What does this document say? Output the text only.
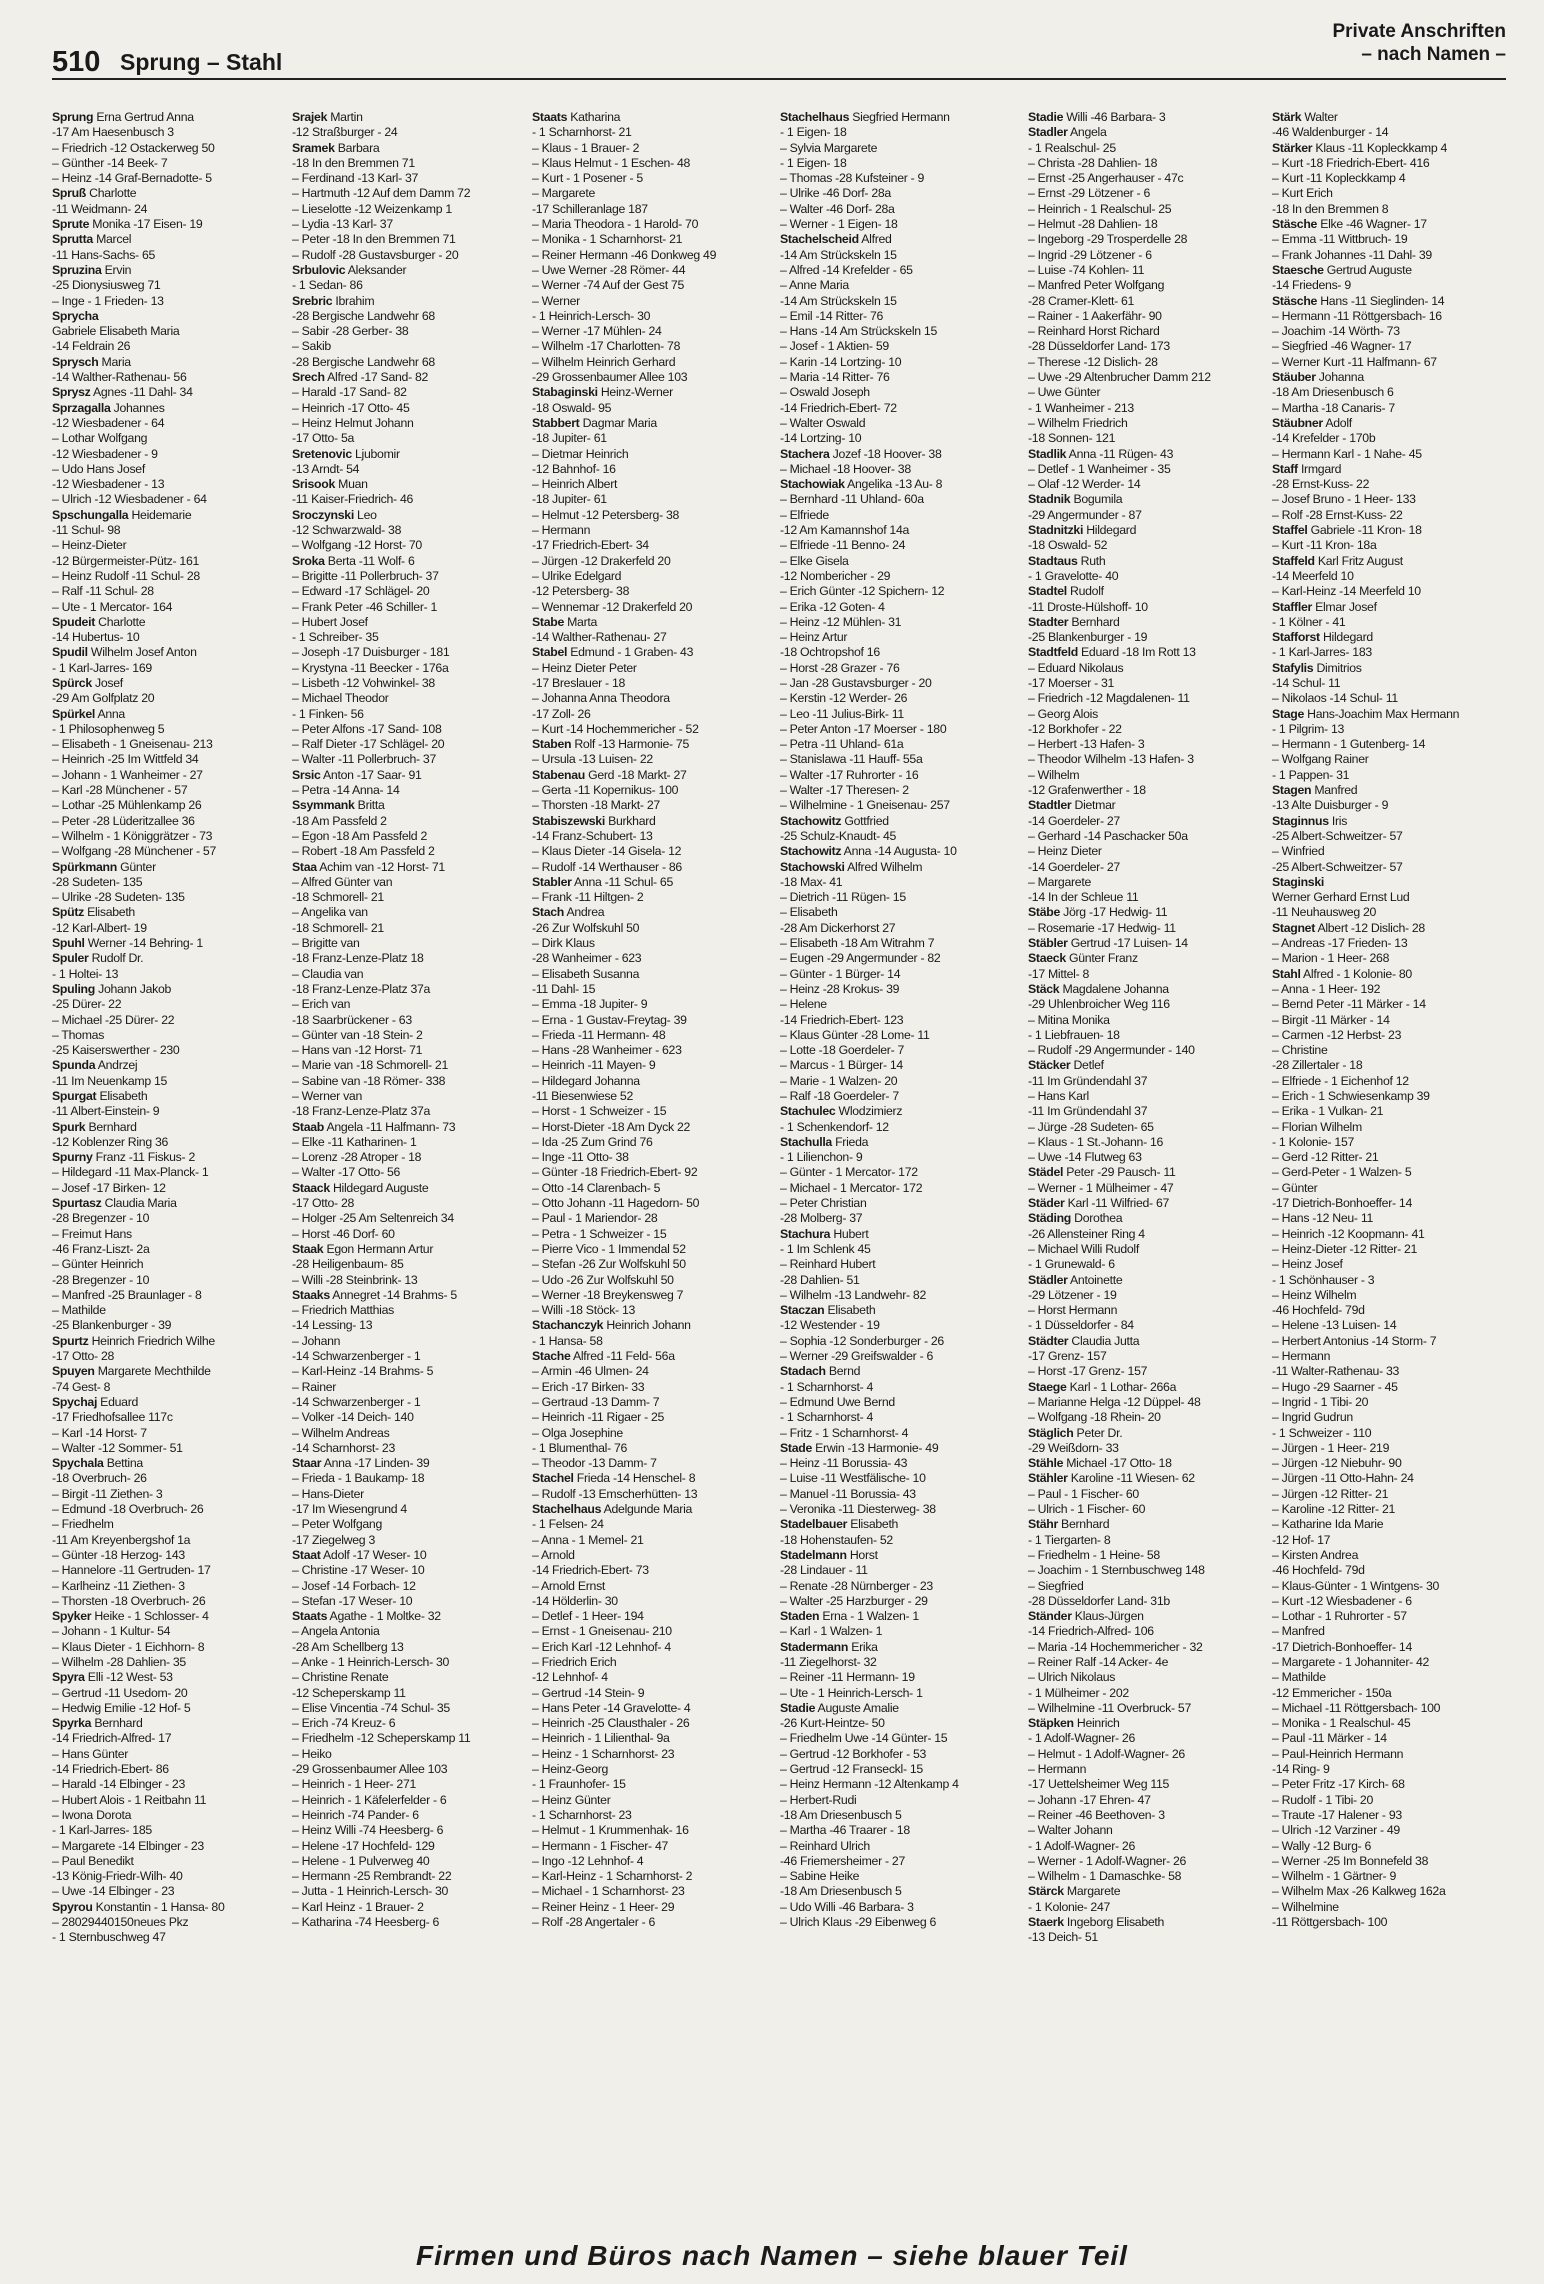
510 Sprung – Stahl
Private Anschriften
– nach Namen –
Sprung Erna Gertrud Anna
-17 Am Haesenbusch 3
– Friedrich -12 Ostackerweg 50
– Günther -14 Beek- 7
– Heinz -14 Graf-Bernadotte- 5
Spruß Charlotte
-11 Weidmann- 24
Sprute Monika -17 Eisen- 19
Sprutta Marcel
-11 Hans-Sachs- 65
Spruzina Ervin
-25 Dionysiusweg 71
– Inge - 1 Frieden- 13
Sprycha
Gabriele Elisabeth Maria
-14 Feldrain 26
Sprysch Maria
-14 Walther-Rathenau- 56
Sprysz Agnes -11 Dahl- 34
Sprzagalla Johannes
-12 Wiesbadener - 64
– Lothar Wolfgang
-12 Wiesbadener - 9
– Udo Hans Josef
-12 Wiesbadener - 13
– Ulrich -12 Wiesbadener - 64
Spschungalla Heidemarie
-11 Schul- 98
– Heinz-Dieter
-12 Bürgermeister-Pütz- 161
– Heinz Rudolf -11 Schul- 28
– Ralf -11 Schul- 28
– Ute - 1 Mercator- 164
Spudeit Charlotte
-14 Hubertus- 10
Spudil Wilhelm Josef Anton
- 1 Karl-Jarres- 169
Spürck Josef
-29 Am Golfplatz 20
Spürkel Anna
- 1 Philosophenweg 5
– Elisabeth - 1 Gneisenau- 213
– Heinrich -25 Im Wittfeld 34
– Johann - 1 Wanheimer - 27
– Karl -28 Münchener - 57
– Lothar -25 Mühlenkamp 26
– Peter -28 Lüderitzallee 36
– Wilhelm - 1 Königgrätzer - 73
– Wolfgang -28 Münchener - 57
Spürkmann Günter
-28 Sudeten- 135
– Ulrike -28 Sudeten- 135
Spütz Elisabeth
-12 Karl-Albert- 19
Spuhl Werner -14 Behring- 1
Spuler Rudolf Dr.
- 1 Holtei- 13
Spuling Johann Jakob
-25 Dürer- 22
– Michael -25 Dürer- 22
– Thomas
-25 Kaiserswerther - 230
Spunda Andrzej
-11 Im Neuenkamp 15
Spurgat Elisabeth
-11 Albert-Einstein- 9
Spurk Bernhard
-12 Koblenzer Ring 36
Spurny Franz -11 Fiskus- 2
– Hildegard -11 Max-Planck- 1
– Josef -17 Birken- 12
Spurtasz Claudia Maria
-28 Bregenzer - 10
– Freimut Hans
-46 Franz-Liszt- 2a
– Günter Heinrich
-28 Bregenzer - 10
– Manfred -25 Braunlager - 8
– Mathilde
-25 Blankenburger - 39
Spurtz Heinrich Friedrich Wilhe
-17 Otto- 28
Spuyen Margarete Mechthilde
-74 Gest- 8
Spychaj Eduard
-17 Friedhofsallee 117c
– Karl -14 Horst- 7
– Walter -12 Sommer- 51
Spychala Bettina
-18 Overbruch- 26
– Birgit -11 Ziethen- 3
– Edmund -18 Overbruch- 26
– Friedhelm
-11 Am Kreyenbergshof 1a
– Günter -18 Herzog- 143
– Hannelore -11 Gertruden- 17
– Karlheinz -11 Ziethen- 3
– Thorsten -18 Overbruch- 26
Spyker Heike - 1 Schlosser- 4
– Johann - 1 Kultur- 54
– Klaus Dieter - 1 Eichhorn- 8
– Wilhelm -28 Dahlien- 35
Spyra Elli -12 West- 53
– Gertrud -11 Usedom- 20
– Hedwig Emilie -12 Hof- 5
Spyrka Bernhard
-14 Friedrich-Alfred- 17
– Hans Günter
-14 Friedrich-Ebert- 86
– Harald -14 Elbinger - 23
– Hubert Alois - 1 Reitbahn 11
– Iwona Dorota
- 1 Karl-Jarres- 185
– Margarete -14 Elbinger - 23
– Paul Benedikt
-13 König-Friedr-Wilh- 40
– Uwe -14 Elbinger - 23
Spyrou Konstantin - 1 Hansa- 80
– 28029440150neues Pkz
- 1 Sternbuschweg 47
Srajek Martin
-12 Straßburger - 24
Sramek Barbara
-18 In den Bremmen 71
– Ferdinand -13 Karl- 37
– Hartmuth -12 Auf dem Damm 72
– Lieselotte -12 Weizenkamp 1
– Lydia -13 Karl- 37
– Peter -18 In den Bremmen 71
– Rudolf -28 Gustavsburger - 20
Srbulovic Aleksander
- 1 Sedan- 86
Srebric Ibrahim
-28 Bergische Landwehr 68
– Sabir -28 Gerber- 38
– Sakib
-28 Bergische Landwehr 68
Srech Alfred -17 Sand- 82
– Harald -17 Sand- 82
– Heinrich -17 Otto- 45
– Heinz Helmut Johann
-17 Otto- 5a
Sretenovic Ljubomir
-13 Arndt- 54
Srisook Muan
-11 Kaiser-Friedrich- 46
Sroczynski Leo
-12 Schwarzwald- 38
– Wolfgang -12 Horst- 70
Sroka Berta -11 Wolf- 6
– Brigitte -11 Pollerbruch- 37
– Edward -17 Schlägel- 20
– Frank Peter -46 Schiller- 1
– Hubert Josef
- 1 Schreiber- 35
– Joseph -17 Duisburger - 181
– Krystyna -11 Beecker - 176a
– Lisbeth -12 Vohwinkel- 38
– Michael Theodor
- 1 Finken- 56
– Peter Alfons -17 Sand- 108
– Ralf Dieter -17 Schlägel- 20
– Walter -11 Pollerbruch- 37
Srsic Anton -17 Saar- 91
– Petra -14 Anna- 14
Ssymmank Britta
-18 Am Passfeld 2
– Egon -18 Am Passfeld 2
– Robert -18 Am Passfeld 2
Staa Achim van -12 Horst- 71
– Alfred Günter van
-18 Schmorell- 21
– Angelika van
-18 Schmorell- 21
– Brigitte van
-18 Franz-Lenze-Platz 18
– Claudia van
-18 Franz-Lenze-Platz 37a
– Erich van
-18 Saarbrückener - 63
– Günter van -18 Stein- 2
– Hans van -12 Horst- 71
– Marie van -18 Schmorell- 21
– Sabine van -18 Römer- 338
– Werner van
-18 Franz-Lenze-Platz 37a
Staab Angela -11 Halfmann- 73
– Elke -11 Katharinen- 1
– Lorenz -28 Atroper - 18
– Walter -17 Otto- 56
Staack Hildegard Auguste
-17 Otto- 28
– Holger -25 Am Seltenreich 34
– Horst -46 Dorf- 60
Staak Egon Hermann Artur
-28 Heiligenbaum- 85
– Willi -28 Steinbrink- 13
Staaks Annegret -14 Brahms- 5
– Friedrich Matthias
-14 Lessing- 13
– Johann
-14 Schwarzenberger - 1
– Karl-Heinz -14 Brahms- 5
– Rainer
-14 Schwarzenberger - 1
– Volker -14 Deich- 140
– Wilhelm Andreas
-14 Scharnhorst- 23
Staar Anna -17 Linden- 39
– Frieda - 1 Baukamp- 18
– Hans-Dieter
-17 Im Wiesengrund 4
– Peter Wolfgang
-17 Ziegelweg 3
Staat Adolf -17 Weser- 10
– Christine -17 Weser- 10
– Josef -14 Forbach- 12
– Stefan -17 Weser- 10
Staats Agathe - 1 Moltke- 32
– Angela Antonia
-28 Am Schellberg 13
– Anke - 1 Heinrich-Lersch- 30
– Christine Renate
-12 Scheperskamp 11
– Elise Vincentia -74 Schul- 35
– Erich -74 Kreuz- 6
– Friedhelm -12 Scheperskamp 11
– Heiko
-29 Grossenbaumer Allee 103
– Heinrich - 1 Heer- 271
– Heinrich - 1 Käfelerfelder - 6
– Heinrich -74 Pander- 6
– Heinz Willi -74 Heesberg- 6
– Helene -17 Hochfeld- 129
– Helene - 1 Pulverweg 40
– Hermann -25 Rembrandt- 22
– Jutta - 1 Heinrich-Lersch- 30
– Karl Heinz - 1 Brauer- 2
– Katharina -74 Heesberg- 6
Staats Katharina
- 1 Scharnhorst- 21
– Klaus - 1 Brauer- 2
– Klaus Helmut - 1 Eschen- 48
– Kurt - 1 Posener - 5
– Margarete
-17 Schilleranlage 187
– Maria Theodora - 1 Harold- 70
– Monika - 1 Scharnhorst- 21
– Reiner Hermann -46 Donkweg 49
– Uwe Werner -28 Römer- 44
– Werner -74 Auf der Gest 75
– Werner
- 1 Heinrich-Lersch- 30
– Werner -17 Mühlen- 24
– Wilhelm -17 Charlotten- 78
– Wilhelm Heinrich Gerhard
-29 Grossenbaumer Allee 103
Stabaginski Heinz-Werner
-18 Oswald- 95
Stabbert Dagmar Maria
-18 Jupiter- 61
– Dietmar Heinrich
-12 Bahnhof- 16
– Heinrich Albert
-18 Jupiter- 61
– Helmut -12 Petersberg- 38
– Hermann
-17 Friedrich-Ebert- 34
– Jürgen -12 Drakerfeld 20
– Ulrike Edelgard
-12 Petersberg- 38
– Wennemar -12 Drakerfeld 20
Stabe Marta
-14 Walther-Rathenau- 27
Stabel Edmund - 1 Graben- 43
– Heinz Dieter Peter
-17 Breslauer - 18
– Johanna Anna Theodora
-17 Zoll- 26
– Kurt -14 Hochemmericher - 52
Staben Rolf -13 Harmonie- 75
– Ursula -13 Luisen- 22
Stabenau Gerd -18 Markt- 27
– Gerta -11 Kopernikus- 100
– Thorsten -18 Markt- 27
Stabiszewski Burkhard
-14 Franz-Schubert- 13
– Klaus Dieter -14 Gisela- 12
– Rudolf -14 Werthauser - 86
Stabler Anna -11 Schul- 65
– Frank -11 Hiltgen- 2
Stach Andrea
-26 Zur Wolfskuhl 50
– Dirk Klaus
-28 Wanheimer - 623
– Elisabeth Susanna
-11 Dahl- 15
– Emma -18 Jupiter- 9
– Erna - 1 Gustav-Freytag- 39
– Frieda -11 Hermann- 48
– Hans -28 Wanheimer - 623
– Heinrich -11 Mayen- 9
– Hildegard Johanna
-11 Biesenwiese 52
– Horst - 1 Schweizer - 15
– Horst-Dieter -18 Am Dyck 22
– Ida -25 Zum Grind 76
– Inge -11 Otto- 38
– Günter -18 Friedrich-Ebert- 92
– Otto -14 Clarenbach- 5
– Otto Johann -11 Hagedorn- 50
– Paul - 1 Mariendor- 28
– Petra - 1 Schweizer - 15
– Pierre Vico - 1 Immendal 52
– Stefan -26 Zur Wolfskuhl 50
– Udo -26 Zur Wolfskuhl 50
– Werner -18 Breykensweg 7
– Willi -18 Stöck- 13
Stachanczyk Heinrich Johann
- 1 Hansa- 58
Stache Alfred -11 Feld- 56a
– Armin -46 Ulmen- 24
– Erich -17 Birken- 33
– Gertraud -13 Damm- 7
– Heinrich -11 Rigaer - 25
– Olga Josephine
- 1 Blumenthal- 76
– Theodor -13 Damm- 7
Stachel Frieda -14 Henschel- 8
– Rudolf -13 Emscherhütten- 13
Stachelhaus Adelgunde Maria
- 1 Felsen- 24
– Anna - 1 Memel- 21
– Arnold
-14 Friedrich-Ebert- 73
– Arnold Ernst
-14 Hölderlin- 30
– Detlef - 1 Heer- 194
– Ernst - 1 Gneisenau- 210
– Erich Karl -12 Lehnhof- 4
– Friedrich Erich
-12 Lehnhof- 4
– Gertrud -14 Stein- 9
– Hans Peter -14 Gravelotte- 4
– Heinrich -25 Clausthaler - 26
– Heinrich - 1 Lilienthal- 9a
– Heinz - 1 Scharnhorst- 23
– Heinz-Georg
- 1 Fraunhofer- 15
– Heinz Günter
- 1 Scharnhorst- 23
– Helmut - 1 Krummenhak- 16
– Hermann - 1 Fischer- 47
– Ingo -12 Lehnhof- 4
– Karl-Heinz - 1 Scharnhorst- 2
– Michael - 1 Scharnhorst- 23
– Reiner Heinz - 1 Heer- 29
– Rolf -28 Angertaler - 6
Stachelhaus Siegfried Hermann
- 1 Eigen- 18
– Sylvia Margarete
- 1 Eigen- 18
– Thomas -28 Kufsteiner - 9
– Ulrike -46 Dorf- 28a
– Walter -46 Dorf- 28a
– Werner - 1 Eigen- 18
Stachelscheid Alfred
-14 Am Strückskeln 15
– Alfred -14 Krefelder - 65
– Anne Maria
-14 Am Strückskeln 15
– Emil -14 Ritter- 76
– Hans -14 Am Strückskeln 15
– Josef - 1 Aktien- 59
– Karin -14 Lortzing- 10
– Maria -14 Ritter- 76
– Oswald Joseph
-14 Friedrich-Ebert- 72
– Walter Oswald
-14 Lortzing- 10
Stachera Jozef -18 Hoover- 38
– Michael -18 Hoover- 38
Stachowiak Angelika -13 Au- 8
– Bernhard -11 Uhland- 60a
– Elfriede
-12 Am Kamannshof 14a
– Elfriede -11 Benno- 24
– Elke Gisela
-12 Nombericher - 29
– Erich Günter -12 Spichern- 12
– Erika -12 Goten- 4
– Heinz -12 Mühlen- 31
– Heinz Artur
-18 Ochtropshof 16
– Horst -28 Grazer - 76
– Jan -28 Gustavsburger - 20
– Kerstin -12 Werder- 26
– Leo -11 Julius-Birk- 11
– Peter Anton -17 Moerser - 180
– Petra -11 Uhland- 61a
– Stanislawa -11 Hauff- 55a
– Walter -17 Ruhrorter - 16
– Walter -17 Theresen- 2
– Wilhelmine - 1 Gneisenau- 257
Stachowitz Gottfried
-25 Schulz-Knaudt- 45
Stachowitz Anna -14 Augusta- 10
Stachowski Alfred Wilhelm
-18 Max- 41
– Dietrich -11 Rügen- 15
– Elisabeth
-28 Am Dickerhorst 27
– Elisabeth -18 Am Witrahm 7
– Eugen -29 Angermunder - 82
– Günter - 1 Bürger- 14
– Heinz -28 Krokus- 39
– Helene
-14 Friedrich-Ebert- 123
– Klaus Günter -28 Lome- 11
– Lotte -18 Goerdeler- 7
– Marcus - 1 Bürger- 14
– Marie - 1 Walzen- 20
– Ralf -18 Goerdeler- 7
Stachulec Wlodzimierz
- 1 Schenkendorf- 12
Stachulla Frieda
- 1 Lilienchon- 9
– Günter - 1 Mercator- 172
– Michael - 1 Mercator- 172
– Peter Christian
-28 Molberg- 37
Stachura Hubert
- 1 Im Schlenk 45
– Reinhard Hubert
-28 Dahlien- 51
– Wilhelm -13 Landwehr- 82
Staczan Elisabeth
-12 Westender - 19
– Sophia -12 Sonderburger - 26
– Werner -29 Greifswalder - 6
Stadach Bernd
- 1 Scharnhorst- 4
– Edmund Uwe Bernd
- 1 Scharnhorst- 4
– Fritz - 1 Scharnhorst- 4
Stade Erwin -13 Harmonie- 49
– Heinz -11 Borussia- 43
– Luise -11 Westfälische- 10
– Manuel -11 Borussia- 43
– Veronika -11 Diesterweg- 38
Stadelbauer Elisabeth
-18 Hohenstaufen- 52
Stadelmann Horst
-28 Lindauer - 11
– Renate -28 Nürnberger - 23
– Walter -25 Harzburger - 29
Staden Erna - 1 Walzen- 1
– Karl - 1 Walzen- 1
Stadermann Erika
-11 Ziegelhorst- 32
– Reiner -11 Hermann- 19
– Ute - 1 Heinrich-Lersch- 1
Stadie Auguste Amalie
-26 Kurt-Heintze- 50
– Friedhelm Uwe -14 Günter- 15
– Gertrud -12 Borkhofer - 53
– Gertrud -12 Franseckl- 15
– Heinz Hermann -12 Altenkamp 4
– Herbert-Rudi
-18 Am Driesenbusch 5
– Martha -46 Traarer - 18
– Reinhard Ulrich
-46 Friemersheimer - 27
– Sabine Heike
-18 Am Driesenbusch 5
– Udo Willi -46 Barbara- 3
– Ulrich Klaus -29 Eibenweg 6
Stadie Willi -46 Barbara- 3
Stadler Angela
- 1 Realschul- 25
– Christa -28 Dahlien- 18
– Ernst -25 Angerhauser - 47c
– Ernst -29 Lötzener - 6
– Heinrich - 1 Realschul- 25
– Helmut -28 Dahlien- 18
– Ingeborg -29 Trosperdelle 28
– Ingrid -29 Lötzener - 6
– Luise -74 Kohlen- 11
– Manfred Peter Wolfgang
-28 Cramer-Klett- 61
– Rainer - 1 Aakerfähr- 90
– Reinhard Horst Richard
-28 Düsseldorfer Land- 173
– Therese -12 Dislich- 28
– Uwe -29 Altenbrucher Damm 212
– Uwe Günter
- 1 Wanheimer - 213
– Wilhelm Friedrich
-18 Sonnen- 121
Stadlik Anna -11 Rügen- 43
– Detlef - 1 Wanheimer - 35
– Olaf -12 Werder- 14
Stadnik Bogumila
-29 Angermunder - 87
Stadnitzki Hildegard
-18 Oswald- 52
Stadtaus Ruth
- 1 Gravelotte- 40
Stadtel Rudolf
-11 Droste-Hülshoff- 10
Stadter Bernhard
-25 Blankenburger - 19
Stadtfeld Eduard -18 Im Rott 13
– Eduard Nikolaus
-17 Moerser - 31
– Friedrich -12 Magdalenen- 11
– Georg Alois
-12 Borkhofer - 22
– Herbert -13 Hafen- 3
– Theodor Wilhelm -13 Hafen- 3
– Wilhelm
-12 Grafenwerther - 18
Stadtler Dietmar
-14 Goerdeler- 27
– Gerhard -14 Paschacker 50a
– Heinz Dieter
-14 Goerdeler- 27
– Margarete
-14 In der Schleue 11
Stäbe Jörg -17 Hedwig- 11
– Rosemarie -17 Hedwig- 11
Stäbler Gertrud -17 Luisen- 14
Staeck Günter Franz
-17 Mittel- 8
Stäck Magdalene Johanna
-29 Uhlenbroicher Weg 116
– Mitina Monika
- 1 Liebfrauen- 18
– Rudolf -29 Angermunder - 140
Stäcker Detlef
-11 Im Gründendahl 37
– Hans Karl
-11 Im Gründendahl 37
– Jürge -28 Sudeten- 65
– Klaus - 1 St.-Johann- 16
– Uwe -14 Flutweg 63
Städel Peter -29 Pausch- 11
– Werner - 1 Mülheimer - 47
Städer Karl -11 Wilfried- 67
Städing Dorothea
-26 Allensteiner Ring 4
– Michael Willi Rudolf
- 1 Grunewald- 6
Städler Antoinette
-29 Lötzener - 19
– Horst Hermann
- 1 Düsseldorfer - 84
Städter Claudia Jutta
-17 Grenz- 157
– Horst -17 Grenz- 157
Staege Karl - 1 Lothar- 266a
– Marianne Helga -12 Düppel- 48
– Wolfgang -18 Rhein- 20
Stäglich Peter Dr.
-29 Weißdorn- 33
Stähle Michael -17 Otto- 18
Stähler Karoline -11 Wiesen- 62
– Paul - 1 Fischer- 60
– Ulrich - 1 Fischer- 60
Stähr Bernhard
- 1 Tiergarten- 8
– Friedhelm - 1 Heine- 58
– Joachim - 1 Sternbuschweg 148
– Siegfried
-28 Düsseldorfer Land- 31b
Ständer Klaus-Jürgen
-14 Friedrich-Alfred- 106
– Maria -14 Hochemmericher - 32
– Reiner Ralf -14 Acker- 4e
– Ulrich Nikolaus
- 1 Mülheimer - 202
– Wilhelmine -11 Overbruck- 57
Stäpken Heinrich
- 1 Adolf-Wagner- 26
– Helmut - 1 Adolf-Wagner- 26
– Hermann
-17 Uettelsheimer Weg 115
– Johann -17 Ehren- 47
– Reiner -46 Beethoven- 3
– Walter Johann
- 1 Adolf-Wagner- 26
– Werner - 1 Adolf-Wagner- 26
– Wilhelm - 1 Damaschke- 58
Stärck Margarete
- 1 Kolonie- 247
Staerk Ingeborg Elisabeth
-13 Deich- 51
Stärk Walter
-46 Waldenburger - 14
Stärker Klaus -11 Kopleckkamp 4
– Kurt -18 Friedrich-Ebert- 416
– Kurt -11 Kopleckkamp 4
– Kurt Erich
-18 In den Bremmen 8
Stäsche Elke -46 Wagner- 17
– Emma -11 Wittbruch- 19
– Frank Johannes -11 Dahl- 39
Staesche Gertrud Auguste
-14 Friedens- 9
Stäsche Hans -11 Sieglinden- 14
– Hermann -11 Röttgersbach- 16
– Joachim -14 Wörth- 73
– Siegfried -46 Wagner- 17
– Werner Kurt -11 Halfmann- 67
Stäuber Johanna
-18 Am Driesenbusch 6
– Martha -18 Canaris- 7
Stäubner Adolf
-14 Krefelder - 170b
– Hermann Karl - 1 Nahe- 45
Staff Irmgard
-28 Ernst-Kuss- 22
– Josef Bruno - 1 Heer- 133
– Rolf -28 Ernst-Kuss- 22
Staffel Gabriele -11 Kron- 18
– Kurt -11 Kron- 18a
Staffeld Karl Fritz August
-14 Meerfeld 10
– Karl-Heinz -14 Meerfeld 10
Staffler Elmar Josef
- 1 Kölner - 41
Stafforst Hildegard
- 1 Karl-Jarres- 183
Stafylis Dimitrios
-14 Schul- 11
– Nikolaos -14 Schul- 11
Stage Hans-Joachim Max Hermann
- 1 Pilgrim- 13
– Hermann - 1 Gutenberg- 14
– Wolfgang Rainer
- 1 Pappen- 31
Stagen Manfred
-13 Alte Duisburger - 9
Staginnus Iris
-25 Albert-Schweitzer- 57
– Winfried
-25 Albert-Schweitzer- 57
Staginski
Werner Gerhard Ernst Lud
-11 Neuhausweg 20
Stagnet Albert -12 Dislich- 28
– Andreas -17 Frieden- 13
– Marion - 1 Heer- 268
Stahl Alfred - 1 Kolonie- 80
– Anna - 1 Heer- 192
– Bernd Peter -11 Märker - 14
– Birgit -11 Märker - 14
– Carmen -12 Herbst- 23
– Christine
-28 Zillertaler - 18
– Elfriede - 1 Eichenhof 12
– Erich - 1 Schwiesenkamp 39
– Erika - 1 Vulkan- 21
– Florian Wilhelm
- 1 Kolonie- 157
– Gerd -12 Ritter- 21
– Gerd-Peter - 1 Walzen- 5
– Günter
-17 Dietrich-Bonhoeffer- 14
– Hans -12 Neu- 11
– Heinrich -12 Koopmann- 41
– Heinz-Dieter -12 Ritter- 21
– Heinz Josef
- 1 Schönhauser - 3
– Heinz Wilhelm
-46 Hochfeld- 79d
– Helene -13 Luisen- 14
– Herbert Antonius -14 Storm- 7
– Hermann
-11 Walter-Rathenau- 33
– Hugo -29 Saarner - 45
– Ingrid - 1 Tibi- 20
– Ingrid Gudrun
- 1 Schweizer - 110
– Jürgen - 1 Heer- 219
– Jürgen -12 Niebuhr- 90
– Jürgen -11 Otto-Hahn- 24
– Jürgen -12 Ritter- 21
– Karoline -12 Ritter- 21
– Katharine Ida Marie
-12 Hof- 17
– Kirsten Andrea
-46 Hochfeld- 79d
– Klaus-Günter - 1 Wintgens- 30
– Kurt -12 Wiesbadener - 6
– Lothar - 1 Ruhrorter - 57
– Manfred
-17 Dietrich-Bonhoeffer- 14
– Margarete - 1 Johanniter- 42
– Mathilde
-12 Emmericher - 150a
– Michael -11 Röttgersbach- 100
– Monika - 1 Realschul- 45
– Paul -11 Märker - 14
– Paul-Heinrich Hermann
-14 Ring- 9
– Peter Fritz -17 Kirch- 68
– Rudolf - 1 Tibi- 20
– Traute -17 Halener - 93
– Ulrich -12 Varziner - 49
– Wally -12 Burg- 6
– Werner -25 Im Bonnefeld 38
– Wilhelm - 1 Gärtner- 9
– Wilhelm Max -26 Kalkweg 162a
– Wilhelmine
-11 Röttgersbach- 100
Firmen und Büros nach Namen – siehe blauer Teil
